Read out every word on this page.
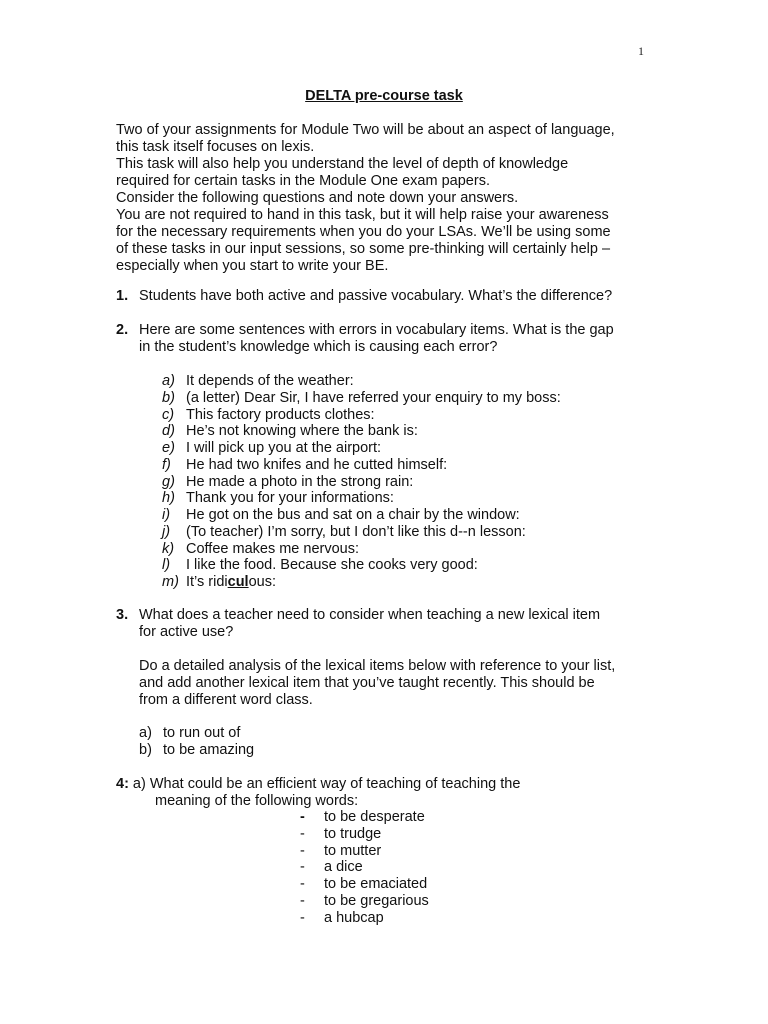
1
DELTA pre-course task
Two of your assignments for Module Two will be about an aspect of language,
this task itself focuses on lexis.
This task will also help you understand the level of depth of knowledge
required for certain tasks in the Module One exam papers.
Consider the following questions and note down your answers.
You are not required to hand in this task, but it will help raise your awareness
for the necessary requirements when you do your LSAs. We’ll be using some
of these tasks in our input sessions, so some pre-thinking will certainly help –
especially when you start to write your BE.
1. Students have both active and passive vocabulary. What’s the difference?
2. Here are some sentences with errors in vocabulary items. What is the gap
in the student’s knowledge which is causing each error?
a) It depends of the weather:
b) (a letter) Dear Sir, I have referred your enquiry to my boss:
c) This factory products clothes:
d) He’s not knowing where the bank is:
e) I will pick up you at the airport:
f) He had two knifes and he cutted himself:
g) He made a photo in the strong rain:
h) Thank you for your informations:
i) He got on the bus and sat on a chair by the window:
j) (To teacher) I’m sorry, but I don’t like this d--n lesson:
k) Coffee makes me nervous:
l) I like the food. Because she cooks very good:
m) It’s ridiculous:
3. What does a teacher need to consider when teaching a new lexical item
for active use?
Do a detailed analysis of the lexical items below with reference to your list,
and add another lexical item that you’ve taught recently. This should be
from a different word class.
a) to run out of
b) to be amazing
4: a) What could be an efficient way of teaching of teaching the
meaning of the following words:
- to be desperate
- to trudge
- to mutter
- a dice
- to be emaciated
- to be gregarious
- a hubcap
